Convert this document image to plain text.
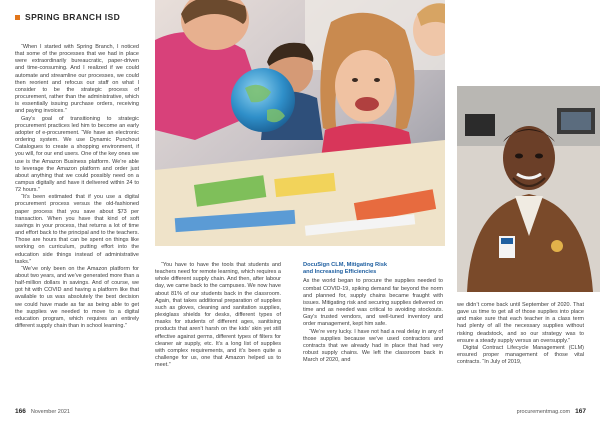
SPRING BRANCH ISD

“When I started with Spring Branch, I noticed that some of the processes that we had in place were extraordinarily bureaucratic, paper-driven and time-consuming. And I realized if we could automate and streamline our processes, we could then reorient and refocus our staff on what I consider to be the strategic process of procurement, rather than the administrative, which is essentially issuing purchase orders, receiving and paying invoices.”

Gay’s goal of transitioning to strategic procurement practices led him to become an early adopter of e-procurement. “We have an electronic ordering system. We use Dynamic Punchout Catalogues to create a shopping environment, if you will, for our end users. One of the key ones we use is the Amazon Business platform. We’re able to leverage the Amazon platform and order just about anything that we could possibly need on a campus digitally and have it delivered within 24 to 72 hours.”

“It’s been estimated that if you use a digital procurement process versus the old-fashioned paper process that you save about $73 per transaction. When you have that kind of soft savings in your process, that returns a lot of time and effort back to the principal and to the teachers. Those are hours that can be spent on things like working on curriculum, putting effort into the education side things instead of administrative tasks.”

“We’ve only been on the Amazon platform for about two years, and we’ve generated more than a half-million dollars in savings. And of course, we got hit with COVID and having a platform like that available to us was absolutely the best decision we could have made as far as being able to get the supplies we needed to move to a digital education program, which requires an entirely different supply chain than in school learning.”

“You have to have the tools that students and teachers need for remote learning, which requires a whole different supply chain. And then, after labour day, we came back to the campuses. We now have about 81% of our students back in the classroom. Again, that takes additional preparation of supplies such as gloves, cleaning and sanitation supplies, plexiglass shields for desks, different types of masks for students of different ages, sanitising products that aren’t harsh on the kids’ skin yet still effective against germs, different types of filters for cleaner air supply, etc. It’s a long list of supplies with complex requirements, and it’s been quite a challenge for us, one that Amazon helped us to meet.”

DocuSign CLM, Mitigating Risk
and Increasing Efficiencies

As the world began to procure the supplies needed to combat COVID-19, spiking demand far beyond the norm and planned for, supply chains became fraught with issues. Mitigating risk and securing supplies delivered on time and as needed was critical to avoiding stockouts. Gay’s trusted vendors, and well-tuned inventory and order management, kept him safe.

“We’re very lucky. I have not had a real delay in any of those supplies because we’ve used contractors and contracts that we already had in place that had very robust supply chains. We left the classroom back in March of 2020, and

we didn’t come back until September of 2020. That gave us time to get all of those supplies into place and make sure that each teacher in a class term had plenty of all the necessary supplies without risking deadstock, and so our strategy was to ensure a steady supply versus an oversupply.”

Digital Contract Lifecycle Management (CLM) ensured proper management of those vital contracts. “In July of 2019,

166 November 2021	procurementmag.com 167
